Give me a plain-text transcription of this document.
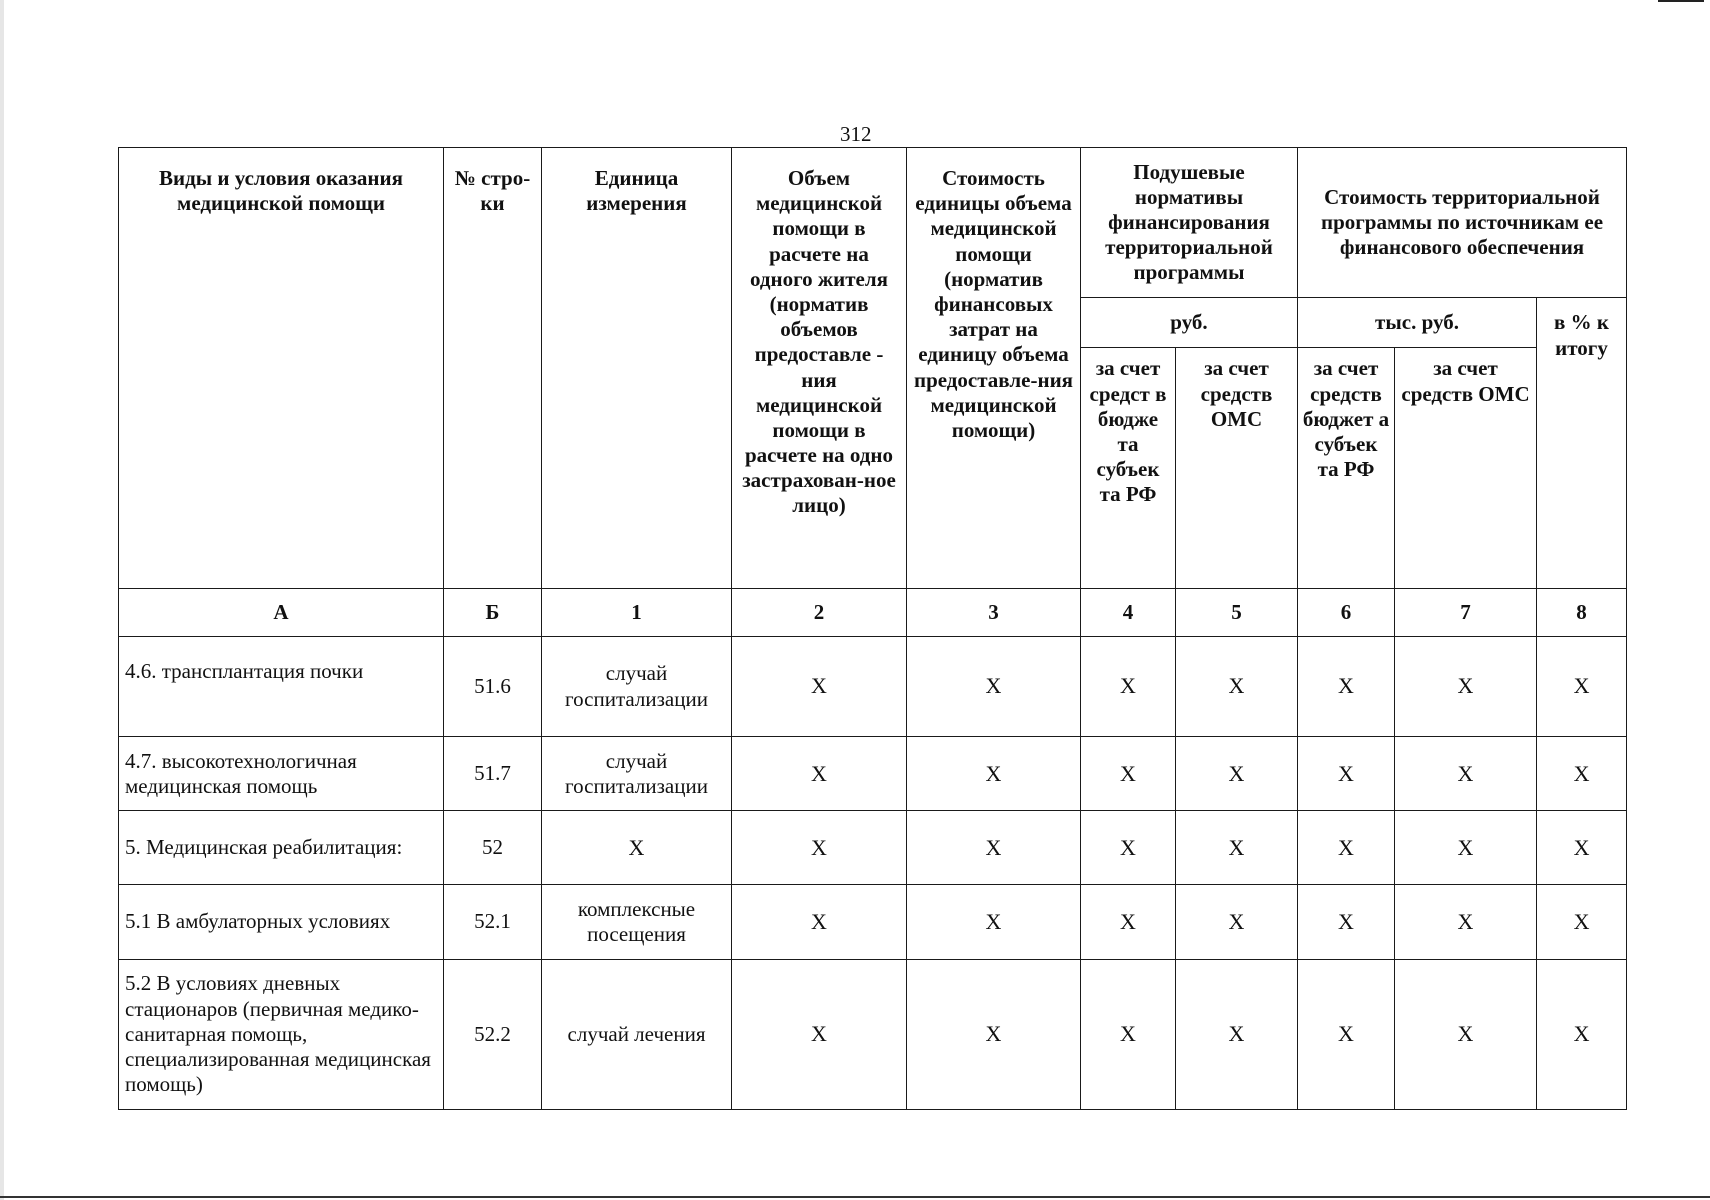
312
Виды и условия оказания медицинской помощи	№ стро-ки	Единица измерения	Объем медицинской помощи в расчете на одного жителя (норматив объемов предоставле - ния медицинской помощи в расчете на одно застрахован-ное лицо)	Стоимость единицы объема медицинской помощи (норматив финансовых затрат на единицу объема предоставле-ния медицинской помощи)	Подушевые нормативы финансирования территориальной программы		Стоимость территориальной программы по источникам ее финансового обеспечения		
					руб.		тыс. руб.		в % к итогу
					за счет средст в бюдже та субъек та РФ	за счет средств ОМС	за счет средств бюджет а субъек та РФ	за счет средств ОМС	
А	Б	1	2	3	4	5	6	7	8
4.6. трансплантация почки	51.6	случай госпитализации	X	X	X	X	X	X	X
4.7. высокотехнологичная медицинская помощь	51.7	случай госпитализации	X	X	X	X	X	X	X
5. Медицинская реабилитация:	52	X	X	X	X	X	X	X	X
5.1 В амбулаторных условиях	52.1	комплексные посещения	X	X	X	X	X	X	X
5.2 В условиях дневных стационаров (первичная медико-санитарная помощь, специализированная медицинская помощь)	52.2	случай лечения	X	X	X	X	X	X	X
